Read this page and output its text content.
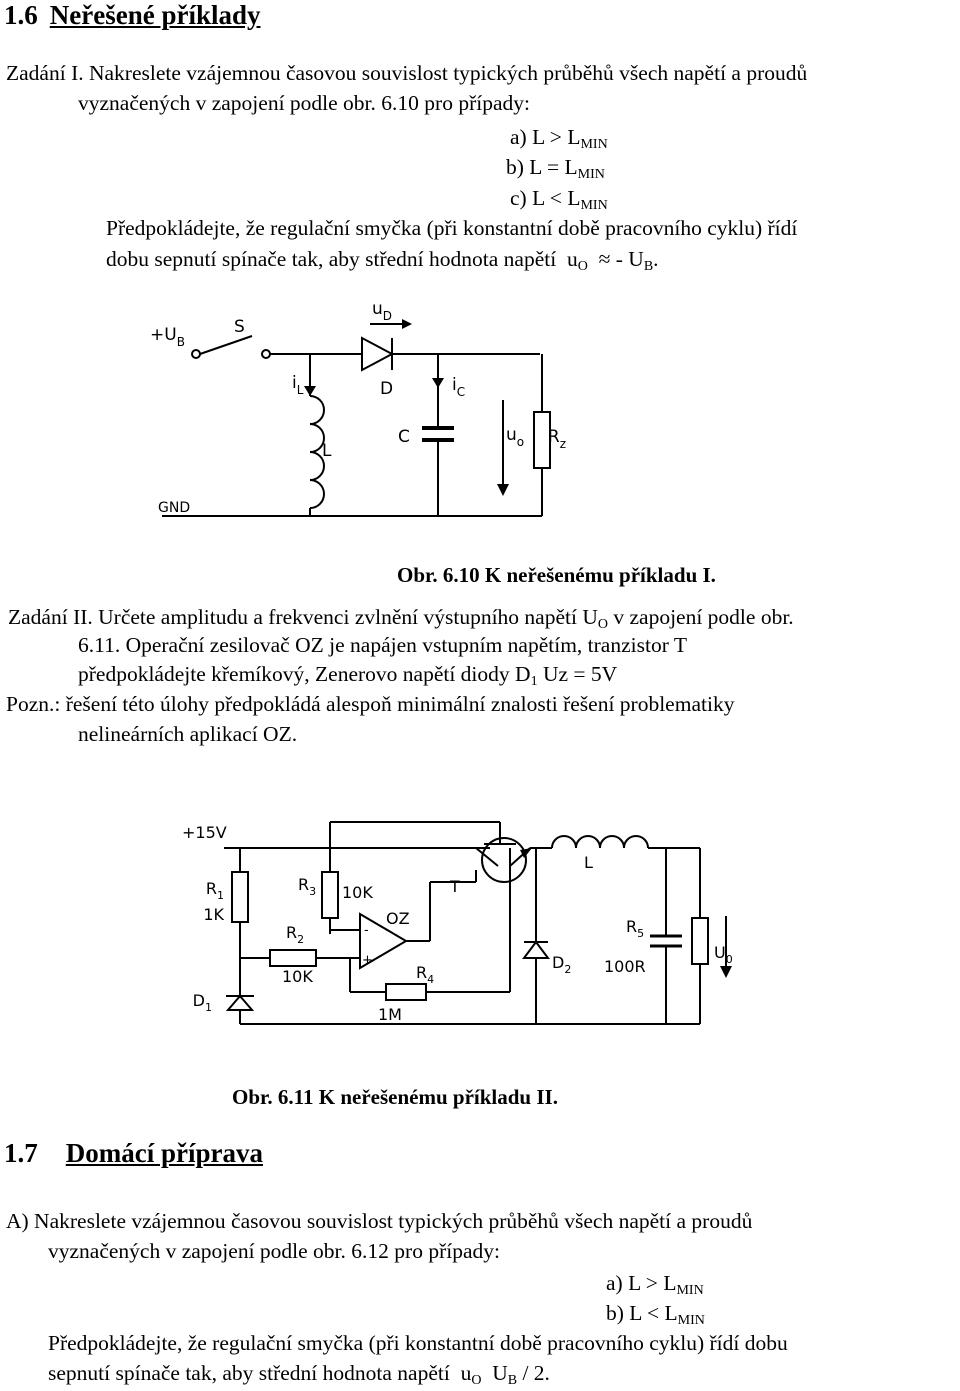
1.6 Neřešené příklady
Zadání I. Nakreslete vzájemnou časovou souvislost typických průběhů všech napětí a proudů
vyznačených v zapojení podle obr. 6.10 pro případy:
a) $L > L_{MIN}$
b) $L = L_{MIN}$
c) $L < L_{MIN}$
Předpokládejte, že regulační smyčka (při konstantní době pracovního cyklu) řídí
dobu sepnutí spínače tak, aby střední hodnota napětí $u_O$ ≈ - $U_B$.
$+U_B$
S
$u_D$
$i_L$	D	$i_C$
C
L
$u_o$ $R_z$
GND
Obr. 6.10 K neřešenému příkladu I.
Zadání II. Určete amplitudu a frekvenci zvlnění výstupního napětí $U_O$ v zapojení podle obr.
6.11. Operační zesilovač OZ je napájen vstupním napětím, tranzistor T
předpokládejte křemíkový, Zenerovo napětí diody $D_1$ Uz = 5V
Pozn.: řešení této úlohy předpokládá alespoň minimální znalosti řešení problematiky
nelineárních aplikací OZ.
+15V
$R_1$
1K
$R_3$ 10K
$R_2$
10K
OZ
-
+
T
L
$R_5$
100R
$U_0$
$R_4$
1M
$D_1$
$D_2$
Obr. 6.11 K neřešenému příkladu II.
1.7 Domácí příprava
A) Nakreslete vzájemnou časovou souvislost typických průběhů všech napětí a proudů
vyznačených v zapojení podle obr. 6.12 pro případy:
a) $L > L_{MIN}$
b) $L < L_{MIN}$
Předpokládejte, že regulační smyčka (při konstantní době pracovního cyklu) řídí dobu
sepnutí spínače tak, aby střední hodnota napětí $u_O$ $U_B / 2$.
